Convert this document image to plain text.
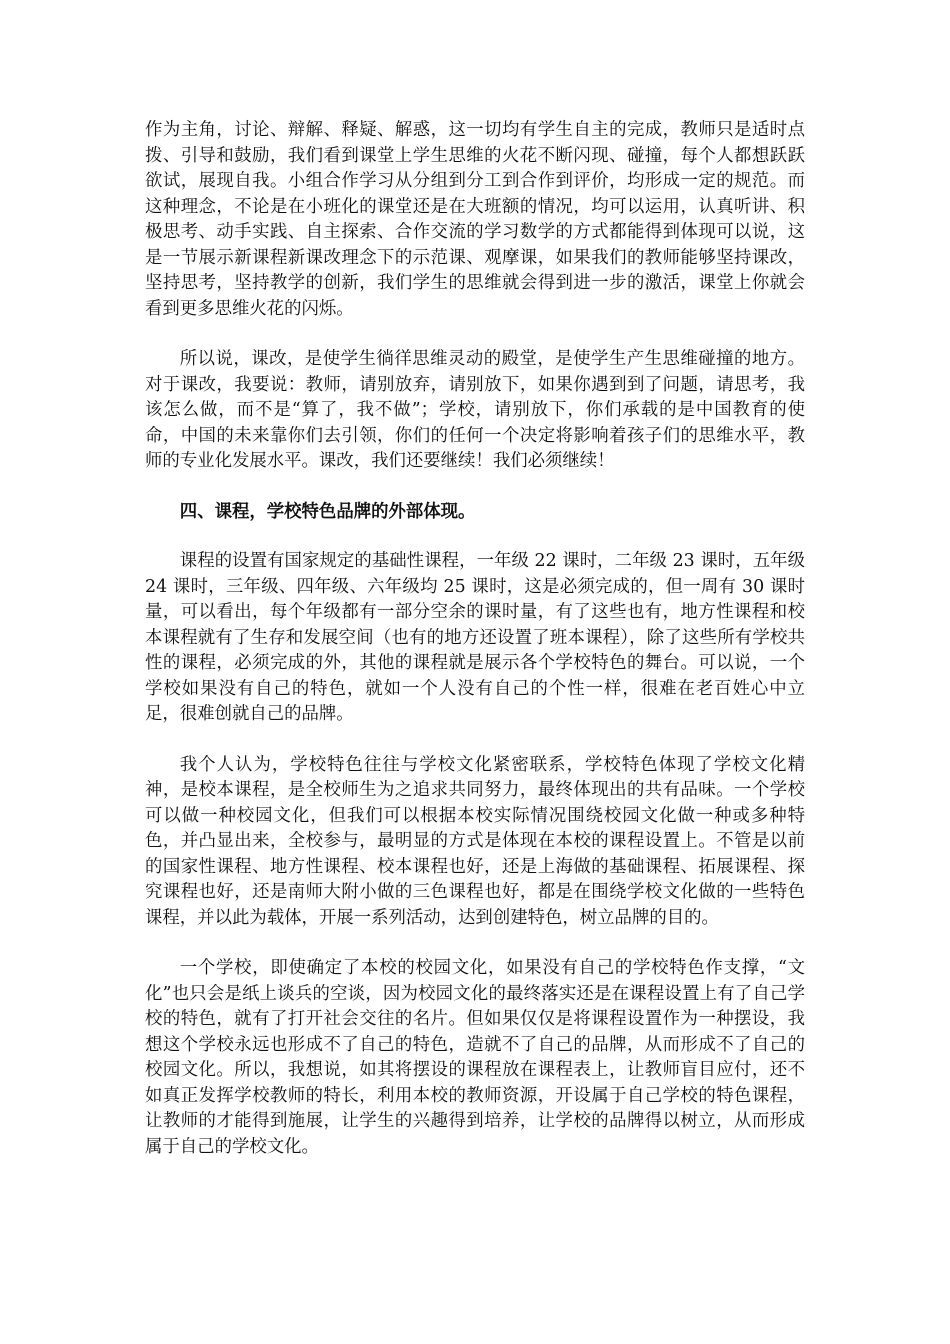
作为主角，讨论、辩解、释疑、解惑，这一切均有学生自主的完成，教师只是适时点拨、引导和鼓励，我们看到课堂上学生思维的火花不断闪现、碰撞，每个人都想跃跃欲试，展现自我。小组合作学习从分组到分工到合作到评价，均形成一定的规范。而这种理念，不论是在小班化的课堂还是在大班额的情况，均可以运用，认真听讲、积极思考、动手实践、自主探索、合作交流的学习数学的方式都能得到体现可以说，这是一节展示新课程新课改理念下的示范课、观摩课，如果我们的教师能够坚持课改，坚持思考，坚持教学的创新，我们学生的思维就会得到进一步的激活，课堂上你就会看到更多思维火花的闪烁。

所以说，课改，是使学生徜徉思维灵动的殿堂，是使学生产生思维碰撞的地方。对于课改，我要说：教师，请别放弃，请别放下，如果你遇到到了问题，请思考，我该怎么做，而不是“算了，我不做”；学校，请别放下，你们承载的是中国教育的使命，中国的未来靠你们去引领，你们的任何一个决定将影响着孩子们的思维水平，教师的专业化发展水平。课改，我们还要继续！我们必须继续！

四、课程，学校特色品牌的外部体现。

课程的设置有国家规定的基础性课程，一年级 22 课时，二年级 23 课时，五年级 24 课时，三年级、四年级、六年级均 25 课时，这是必须完成的，但一周有 30 课时量，可以看出，每个年级都有一部分空余的课时量，有了这些也有，地方性课程和校本课程就有了生存和发展空间（也有的地方还设置了班本课程），除了这些所有学校共性的课程，必须完成的外，其他的课程就是展示各个学校特色的舞台。可以说，一个学校如果没有自己的特色，就如一个人没有自己的个性一样，很难在老百姓心中立足，很难创就自己的品牌。

我个人认为，学校特色往往与学校文化紧密联系，学校特色体现了学校文化精神，是校本课程，是全校师生为之追求共同努力，最终体现出的共有品味。一个学校可以做一种校园文化，但我们可以根据本校实际情况围绕校园文化做一种或多种特色，并凸显出来，全校参与，最明显的方式是体现在本校的课程设置上。不管是以前的国家性课程、地方性课程、校本课程也好，还是上海做的基础课程、拓展课程、探究课程也好，还是南师大附小做的三色课程也好，都是在围绕学校文化做的一些特色课程，并以此为载体，开展一系列活动，达到创建特色，树立品牌的目的。

一个学校，即使确定了本校的校园文化，如果没有自己的学校特色作支撑，“文化”也只会是纸上谈兵的空谈，因为校园文化的最终落实还是在课程设置上有了自己学校的特色，就有了打开社会交往的名片。但如果仅仅是将课程设置作为一种摆设，我想这个学校永远也形成不了自己的特色，造就不了自己的品牌，从而形成不了自己的校园文化。所以，我想说，如其将摆设的课程放在课程表上，让教师盲目应付，还不如真正发挥学校教师的特长，利用本校的教师资源，开设属于自己学校的特色课程，让教师的才能得到施展，让学生的兴趣得到培养，让学校的品牌得以树立，从而形成属于自己的学校文化。
